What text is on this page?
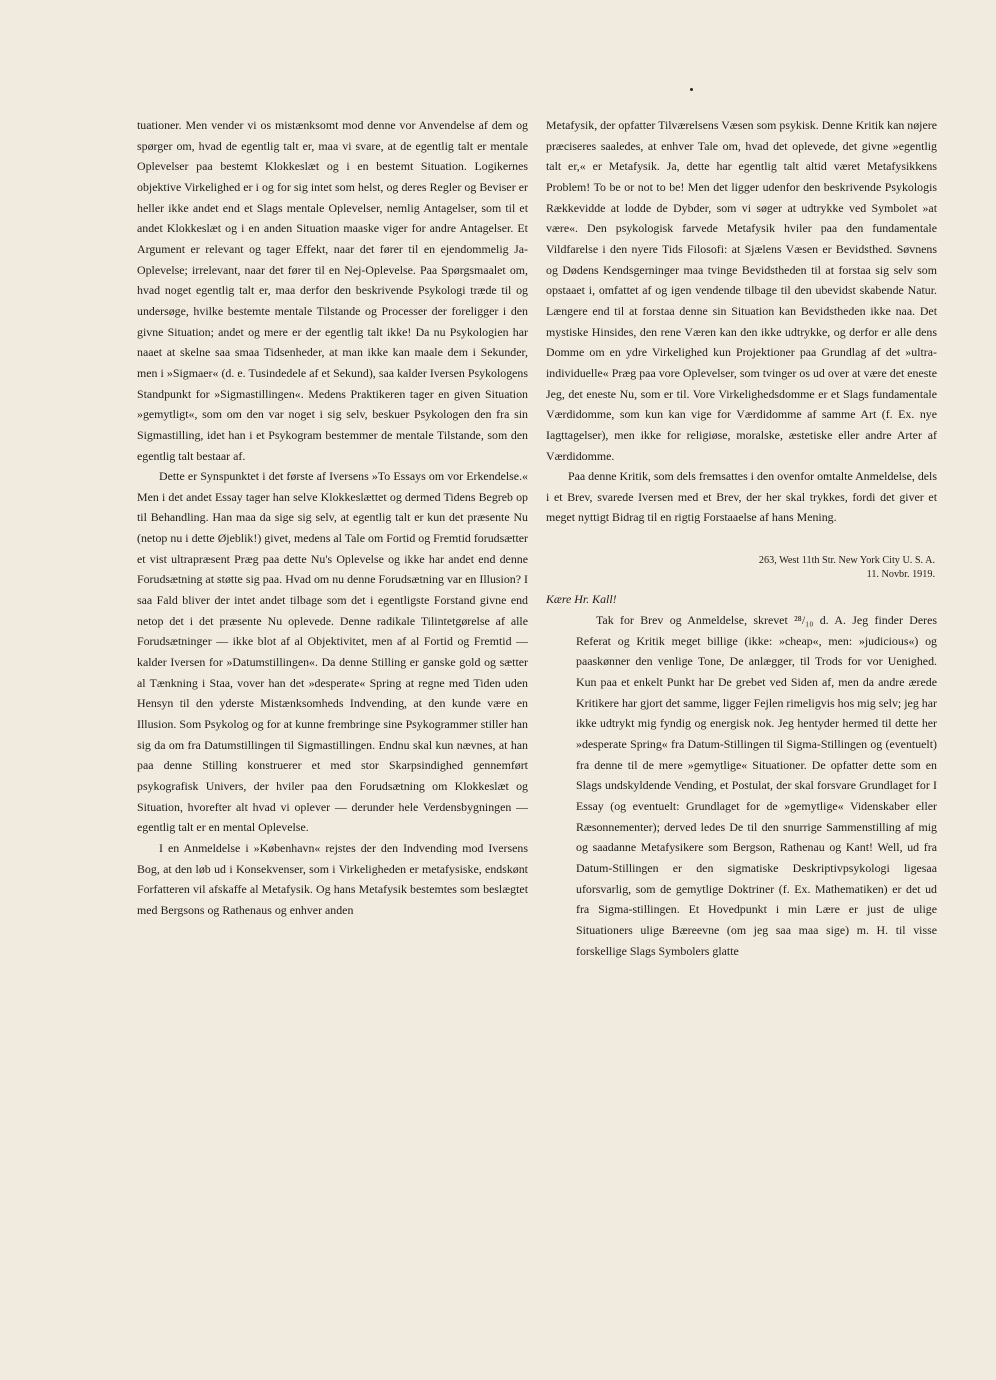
tuationer. Men vender vi os mistænksomt mod denne vor Anvendelse af dem og spørger om, hvad de egentlig talt er, maa vi svare, at de egentlig talt er mentale Oplevelser paa bestemt Klokkeslæt og i en bestemt Situation. Logikernes objektive Virkelighed er i og for sig intet som helst, og deres Regler og Beviser er heller ikke andet end et Slags mentale Oplevelser, nemlig Antagelser, som til et andet Klokkeslæt og i en anden Situation maaske viger for andre Antagelser. Et Argument er relevant og tager Effekt, naar det fører til en ejendommelig Ja-Oplevelse; irrelevant, naar det fører til en Nej-Oplevelse. Paa Spørgsmaalet om, hvad noget egentlig talt er, maa derfor den beskrivende Psykologi træde til og undersøge, hvilke bestemte mentale Tilstande og Processer der foreligger i den givne Situation; andet og mere er der egentlig talt ikke! Da nu Psykologien har naaet at skelne saa smaa Tidsenheder, at man ikke kan maale dem i Sekunder, men i »Sigmaer« (d. e. Tusindedele af et Sekund), saa kalder Iversen Psykologens Standpunkt for »Sigmastillingen«. Medens Praktikeren tager en given Situation »gemytligt«, som om den var noget i sig selv, beskuer Psykologen den fra sin Sigmastilling, idet han i et Psykogram bestemmer de mentale Tilstande, som den egentlig talt bestaar af.

Dette er Synspunktet i det første af Iversens »To Essays om vor Erkendelse.« Men i det andet Essay tager han selve Klokkeslættet og dermed Tidens Begreb op til Behandling. Han maa da sige sig selv, at egentlig talt er kun det præsente Nu (netop nu i dette Øjeblik!) givet, medens al Tale om Fortid og Fremtid forudsætter et vist ultrapræsent Præg paa dette Nu's Oplevelse og ikke har andet end denne Forudsætning at støtte sig paa. Hvad om nu denne Forudsætning var en Illusion? I saa Fald bliver der intet andet tilbage som det i egentligste Forstand givne end netop det i det præsente Nu oplevede. Denne radikale Tilintetgørelse af alle Forudsætninger — ikke blot af al Objektivitet, men af al Fortid og Fremtid — kalder Iversen for »Datumstillingen«. Da denne Stilling er ganske gold og sætter al Tænkning i Staa, vover han det »desperate« Spring at regne med Tiden uden Hensyn til den yderste Mistænksomheds Indvending, at den kunde være en Illusion. Som Psykolog og for at kunne frembringe sine Psykogrammer stiller han sig da om fra Datumstillingen til Sigmastillingen. Endnu skal kun nævnes, at han paa denne Stilling konstruerer et med stor Skarpsindighed gennemført psykografisk Univers, der hviler paa den Forudsætning om Klokkeslæt og Situation, hvorefter alt hvad vi oplever — derunder hele Verdensbygningen — egentlig talt er en mental Oplevelse.

I en Anmeldelse i »København« rejstes der den Indvending mod Iversens Bog, at den løb ud i Konsekvenser, som i Virkeligheden er metafysiske, endskønt Forfatteren vil afskaffe al Metafysik. Og hans Metafysik bestemtes som beslægtet med Bergsons og Rathenaus og enhver anden

Metafysik, der opfatter Tilværelsens Væsen som psykisk. Denne Kritik kan nøjere præciseres saaledes, at enhver Tale om, hvad det oplevede, det givne »egentlig talt er,« er Metafysik. Ja, dette har egentlig talt altid været Metafysikkens Problem! To be or not to be! Men det ligger udenfor den beskrivende Psykologis Rækkevidde at lodde de Dybder, som vi søger at udtrykke ved Symbolet »at være«. Den psykologisk farvede Metafysik hviler paa den fundamentale Vildfarelse i den nyere Tids Filosofi: at Sjælens Væsen er Bevidsthed. Søvnens og Dødens Kendsgerninger maa tvinge Bevidstheden til at forstaa sig selv som opstaaet i, omfattet af og igen vendende tilbage til den ubevidst skabende Natur. Længere end til at forstaa denne sin Situation kan Bevidstheden ikke naa. Det mystiske Hinsides, den rene Væren kan den ikke udtrykke, og derfor er alle dens Domme om en ydre Virkelighed kun Projektioner paa Grundlag af det »ultra-individuelle« Præg paa vore Oplevelser, som tvinger os ud over at være det eneste Jeg, det eneste Nu, som er til. Vore Virkelighedsdomme er et Slags fundamentale Værdidomme, som kun kan vige for Værdidomme af samme Art (f. Ex. nye Iagttagelser), men ikke for religiøse, moralske, æstetiske eller andre Arter af Værdidomme.

Paa denne Kritik, som dels fremsattes i den ovenfor omtalte Anmeldelse, dels i et Brev, svarede Iversen med et Brev, der her skal trykkes, fordi det giver et meget nyttigt Bidrag til en rigtig Forstaaelse af hans Mening.

263, West 11th Str. New York City U. S. A.
11. Novbr. 1919.

Kære Hr. Kall!

Tak for Brev og Anmeldelse, skrevet ²⁸/₁₀ d. A. Jeg finder Deres Referat og Kritik meget billige (ikke: »cheap«, men: »judicious«) og paaskønner den venlige Tone, De anlægger, til Trods for vor Uenighed. Kun paa et enkelt Punkt har De grebet ved Siden af, men da andre ærede Kritikere har gjort det samme, ligger Fejlen rimeligvis hos mig selv; jeg har ikke udtrykt mig fyndig og energisk nok. Jeg hentyder hermed til dette her »desperate Spring« fra Datum-Stillingen til Sigma-Stillingen og (eventuelt) fra denne til de mere »gemytlige« Situationer. De opfatter dette som en Slags undskyldende Vending, et Postulat, der skal forsvare Grundlaget for I Essay (og eventuelt: Grundlaget for de »gemytlige« Videnskaber eller Ræsonnementer); derved ledes De til den snurrige Sammenstilling af mig og saadanne Metafysikere som Bergson, Rathenau og Kant! Well, ud fra Datum-Stillingen er den sigmatiske Deskriptivpsykologi ligesaa uforsvarlig, som de gemytlige Doktriner (f. Ex. Mathematiken) er det ud fra Sigma-stillingen. Et Hovedpunkt i min Lære er just de ulige Situationers ulige Bæreevne (om jeg saa maa sige) m. H. til visse forskellige Slags Symbolers glatte
